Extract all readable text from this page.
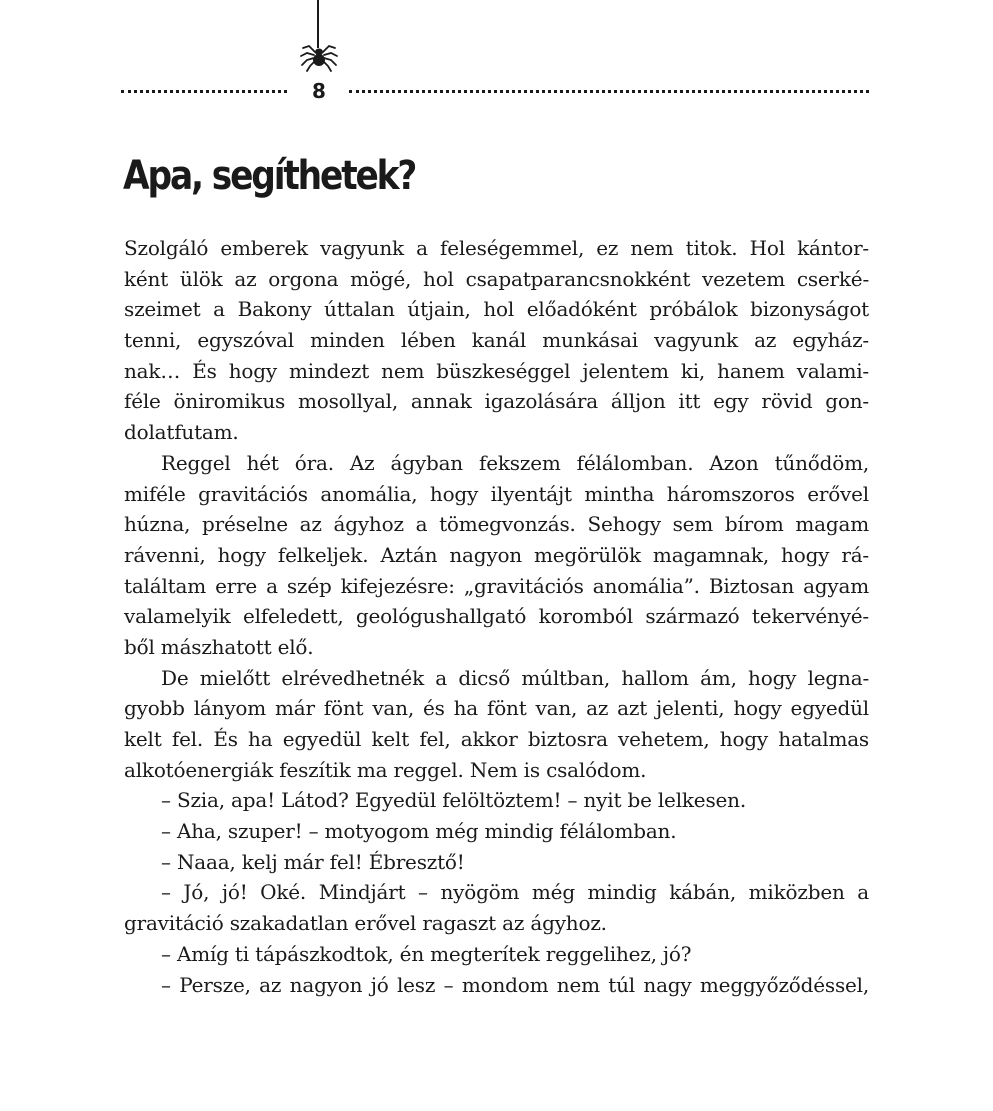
8
Apa, segíthetek?
Szolgáló emberek vagyunk a feleségemmel, ez nem titok. Hol kántor-
ként ülök az orgona mögé, hol csapatparancsnokként vezetem cserké-
szeimet a Bakony úttalan útjain, hol előadóként próbálok bizonyságot
tenni, egyszóval minden lében kanál munkásai vagyunk az egyház-
nak… És hogy mindezt nem büszkeséggel jelentem ki, hanem valami-
féle öniromikus mosollyal, annak igazolására álljon itt egy rövid gon-
dolatfutam.
Reggel hét óra. Az ágyban fekszem félálomban. Azon tűnődöm,
miféle gravitációs anomália, hogy ilyentájt mintha háromszoros erővel
húzna, préselne az ágyhoz a tömegvonzás. Sehogy sem bírom magam
rávenni, hogy felkeljek. Aztán nagyon megörülök magamnak, hogy rá-
találtam erre a szép kifejezésre: „gravitációs anomália”. Biztosan agyam
valamelyik elfeledett, geológushallgató koromból származó tekervényé-
ből mászhatott elő.
De mielőtt elrévedhetnék a dicső múltban, hallom ám, hogy legna-
gyobb lányom már fönt van, és ha fönt van, az azt jelenti, hogy egyedül
kelt fel. És ha egyedül kelt fel, akkor biztosra vehetem, hogy hatalmas
alkotóenergiák feszítik ma reggel. Nem is csalódom.
– Szia, apa! Látod? Egyedül felöltöztem! – nyit be lelkesen.
– Aha, szuper! – motyogom még mindig félálomban.
– Naaa, kelj már fel! Ébresztő!
– Jó, jó! Oké. Mindjárt – nyögöm még mindig kábán, miközben a
gravitáció szakadatlan erővel ragaszt az ágyhoz.
– Amíg ti tápászkodtok, én megterítek reggelihez, jó?
– Persze, az nagyon jó lesz – mondom nem túl nagy meggyőződéssel,
